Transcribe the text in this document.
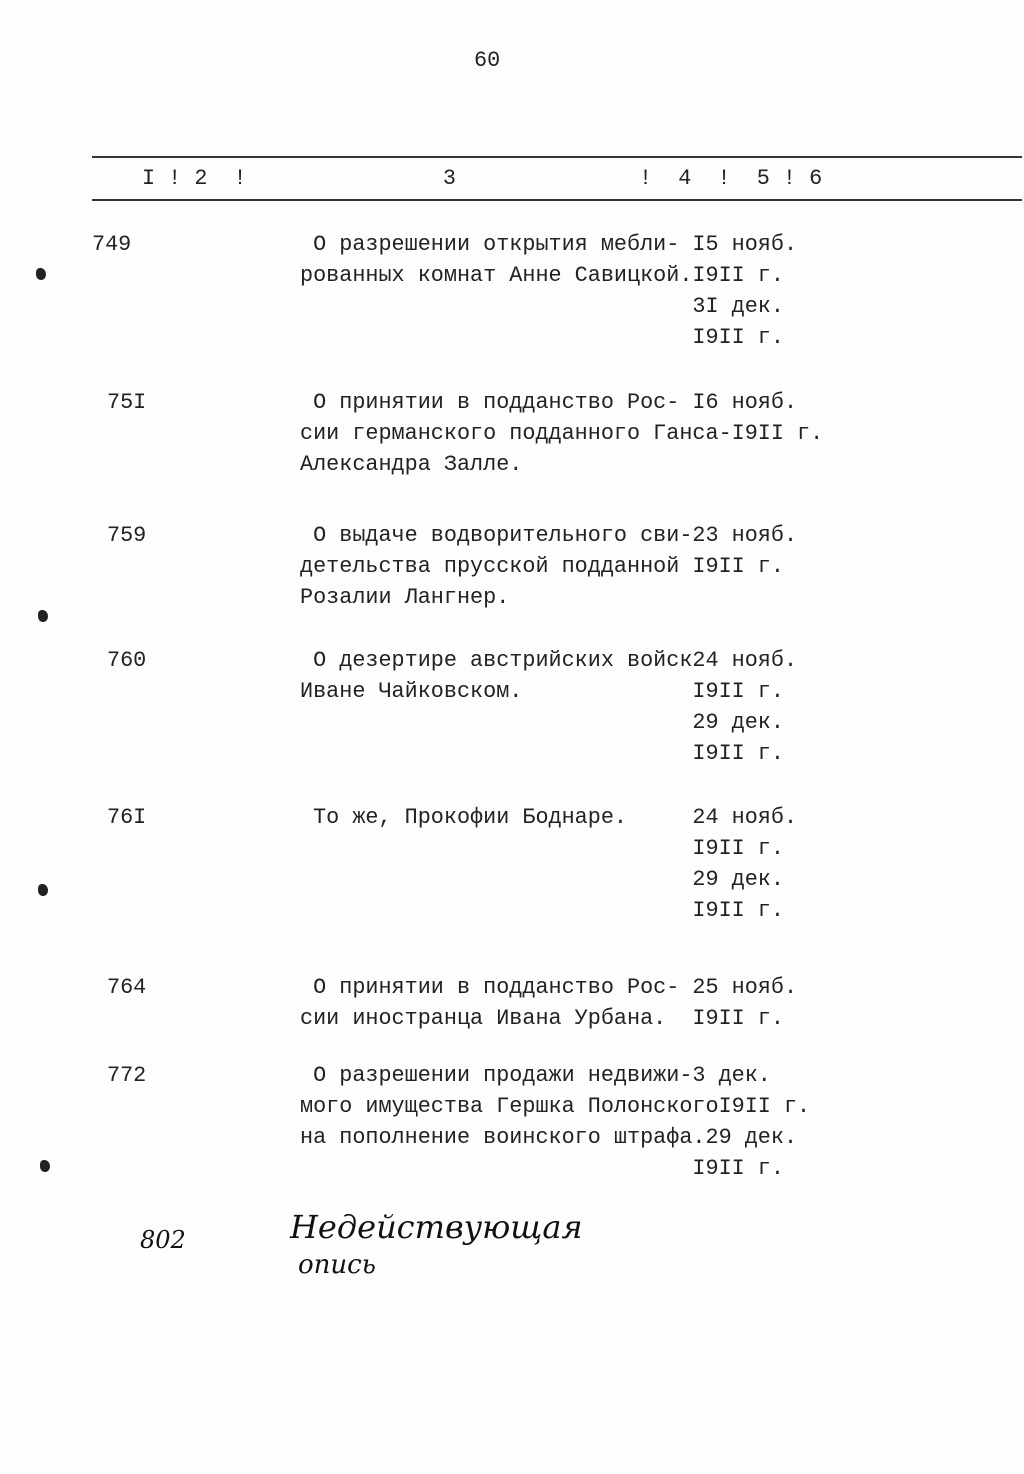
60
I ! 2  !               3              !  4  !  5 ! 6
749	О разрешении открытия мебли- I5 нояб.
рованных комнат Анне Савицкой. I9II г.
3I дек.
I9II г.
75I	О принятии в подданство Рос- I6 нояб.
сии германского подданного Ганса- I9II г.
Александра Залле.
759	О выдаче водворительного сви- 23 нояб.
детельства прусской подданной I9II г.
Розалии Лангнер.
760	О дезертире австрийских войск 24 нояб.
Иване Чайковском.	I9II г.
29 дек.
I9II г.
76I	То же, Прокофии Боднаре.	24 нояб.
I9II г.
29 дек.
I9II г.
764	О принятии в подданство Рос- 25 нояб.
сии иностранца Ивана Урбана. I9II г.
772	О разрешении продажи недвижи- 3 дек.
мого имущества Гершка Полонского I9II г.
на пополнение воинского штрафа. 29 дек.
I9II г.
802	Недействующая
опись
